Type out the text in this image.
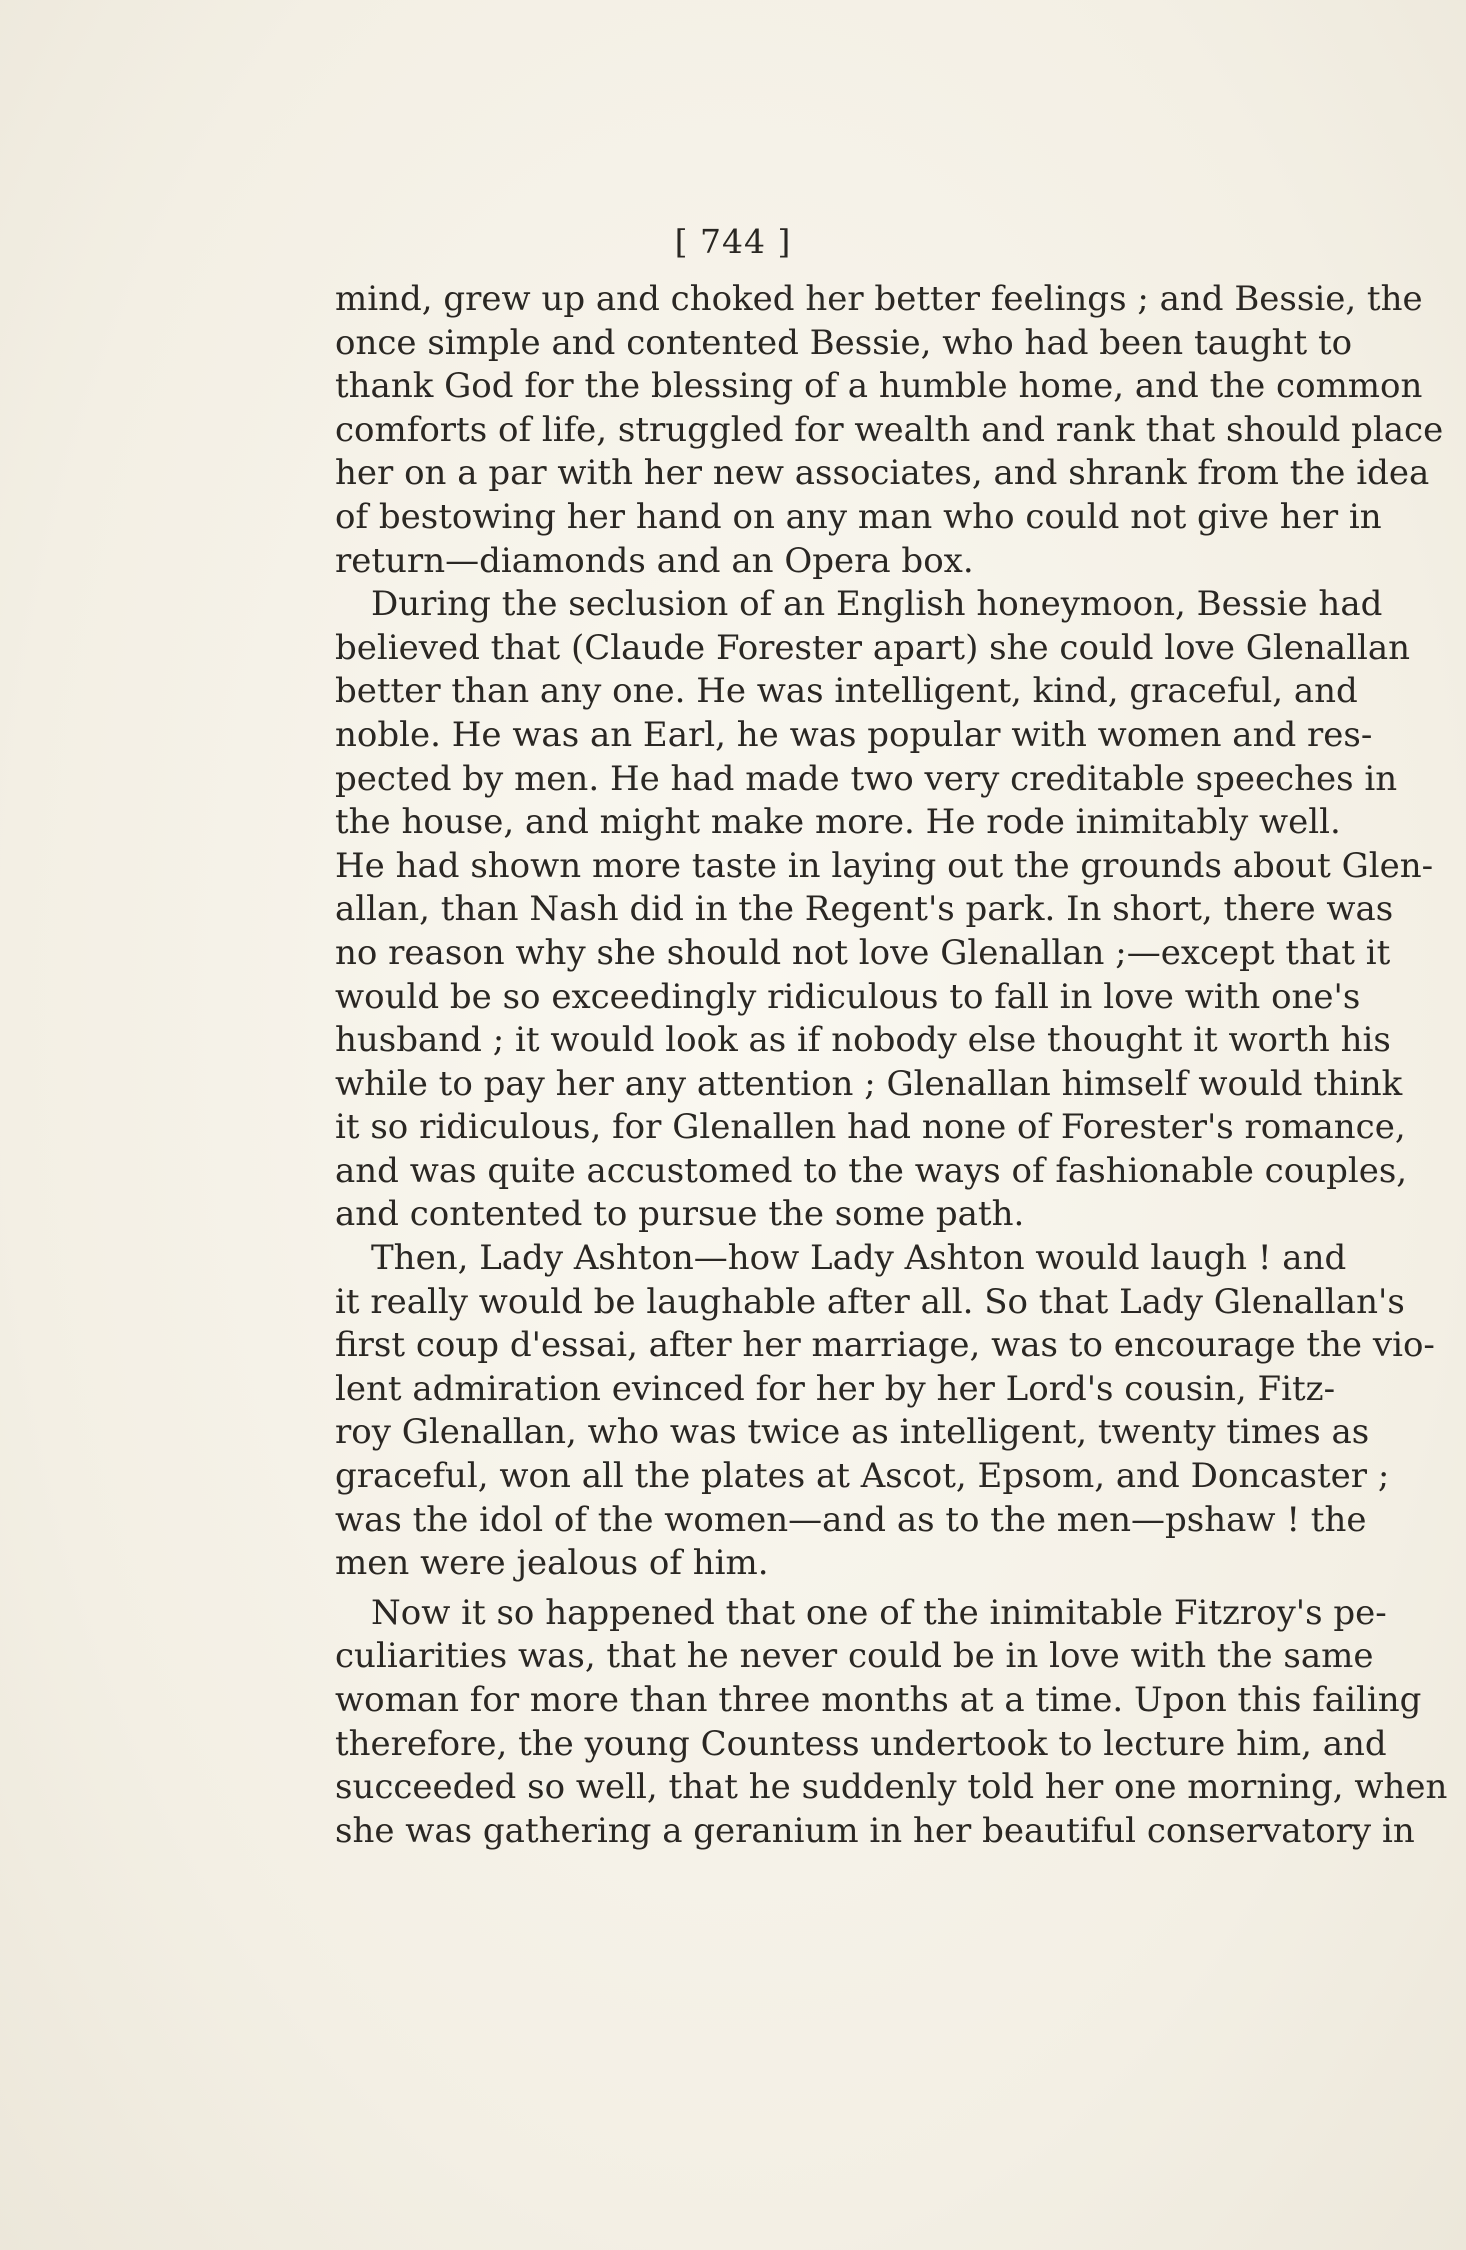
[ 744 ]
mind, grew up and choked her better feelings ; and Bessie, the
once simple and contented Bessie, who had been taught to
thank God for the blessing of a humble home, and the common
comforts of life, struggled for wealth and rank that should place
her on a par with her new associates, and shrank from the idea
of bestowing her hand on any man who could not give her in
return—diamonds and an Opera box.
During the seclusion of an English honeymoon, Bessie had
believed that (Claude Forester apart) she could love Glenallan
better than any one. He was intelligent, kind, graceful, and
noble. He was an Earl, he was popular with women and res-
pected by men. He had made two very creditable speeches in
the house, and might make more. He rode inimitably well.
He had shown more taste in laying out the grounds about Glen-
allan, than Nash did in the Regent's park. In short, there was
no reason why she should not love Glenallan ;—except that it
would be so exceedingly ridiculous to fall in love with one's
husband ; it would look as if nobody else thought it worth his
while to pay her any attention ; Glenallan himself would think
it so ridiculous, for Glenallen had none of Forester's romance,
and was quite accustomed to the ways of fashionable couples,
and contented to pursue the some path.
Then, Lady Ashton—how Lady Ashton would laugh ! and
it really would be laughable after all. So that Lady Glenallan's
first coup d'essai, after her marriage, was to encourage the vio-
lent admiration evinced for her by her Lord's cousin, Fitz-
roy Glenallan, who was twice as intelligent, twenty times as
graceful, won all the plates at Ascot, Epsom, and Doncaster ;
was the idol of the women—and as to the men—pshaw ! the
men were jealous of him.
Now it so happened that one of the inimitable Fitzroy's pe-
culiarities was, that he never could be in love with the same
woman for more than three months at a time. Upon this failing
therefore, the young Countess undertook to lecture him, and
succeeded so well, that he suddenly told her one morning, when
she was gathering a geranium in her beautiful conservatory in
